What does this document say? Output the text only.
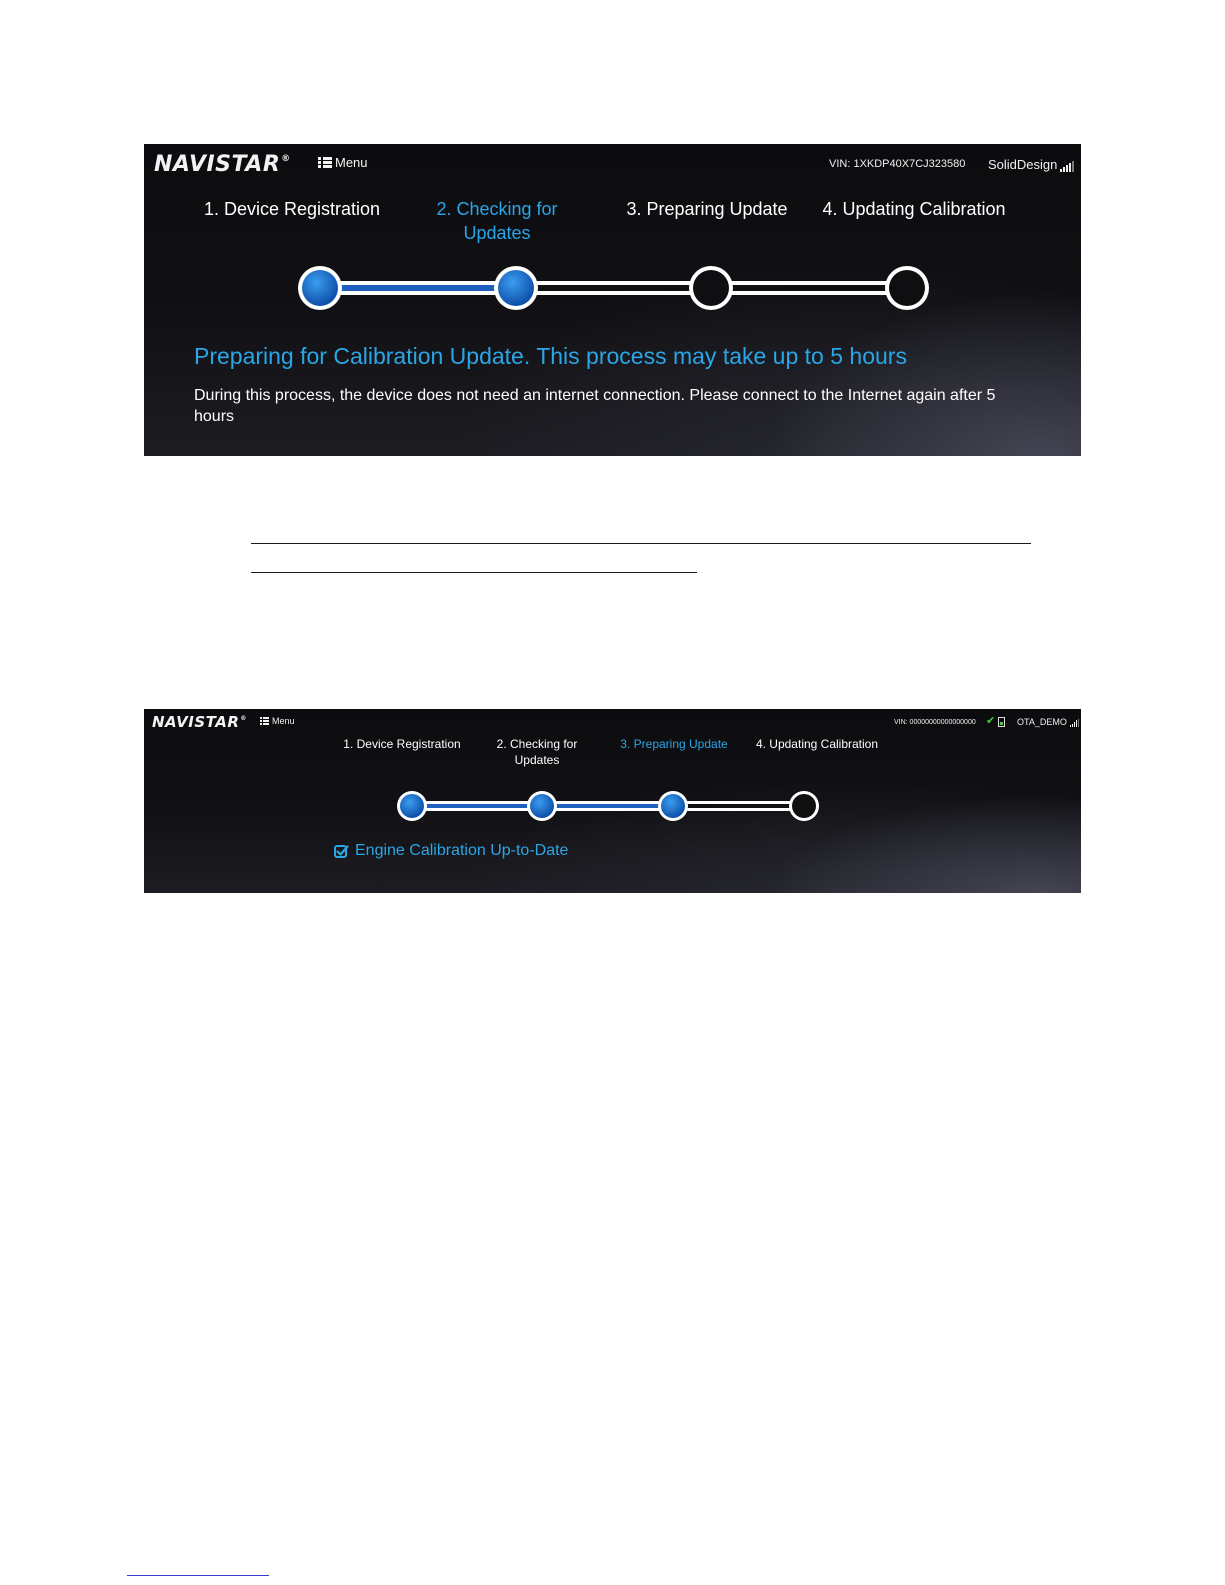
NAVISTAR®	Menu	VIN: 1XKDP40X7CJ323580 SolidDesign
1. Device Registration	2. Checking for Updates
3. Preparing Update	4. Updating Calibration
Preparing for Calibration Update. This process may take up to 5 hours
During this process, the device does not need an internet connection. Please connect to the Internet again after 5 hours
NAVISTAR®	Menu	VIN: 00000000000000000 ✔ OTA_DEMO
1. Device Registration	2. Checking for Updates
3. Preparing Update	4. Updating Calibration
Engine Calibration Up-to-Date
